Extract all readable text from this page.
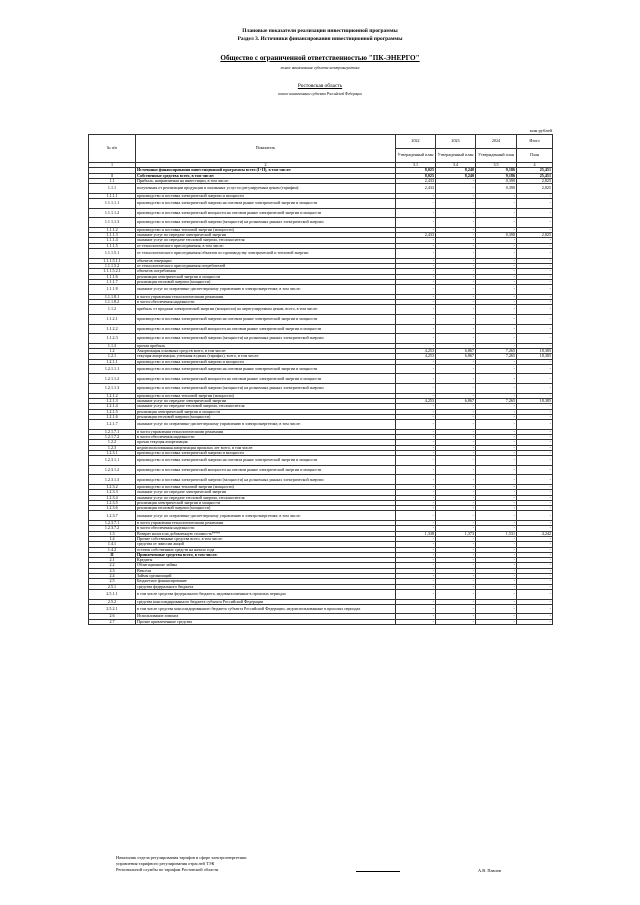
Плановые показатели реализации инвестиционной программы
Раздел 3. Источники финансирования инвестиционной программы
Общество с ограниченной ответственностью "ПК-ЭНЕРГО"
полное наименование субъекта электроэнергетики
Ростовская область
полное наименование субъекта Российской Федерации
млн рублей
№ п/п	Показатель	2022	2023	2024	Итого
		Утвержденный план	Утвержденный план	Утвержденный план	План

1	2	3.1	3.4	3.5	4
	Источники финансирования инвестиционной программы всего (I+II), в том числе:	8,025	8,240	9,186	25,451
I	Собственные средства всего, в том числе:	8,025	8,240	9,186	25,451
1.1	Прибыль, направляемая на инвестиции, в том числе:	2,433	-	0,390	2,825
1.1.1	полученная от реализации продукции и оказанных услуг по регулируемым ценам (тарифам):	2,433	-	0,390	2,825
1.1.1.1	производство и поставка электрической энергии и мощности	-	-	-	-
1.1.1.1.1	производство и поставка электрической энергии на оптовом рынке электрической энергии и мощности	-	-	-	-
1.1.1.1.2	производство и поставка электрической мощности на оптовом рынке электрической энергии и мощности	-	-	-	-
1.1.1.1.3	производство и поставка электрической энергии (мощности) на розничных рынках электрической энергии	-	-	-	-
1.1.1.2	производство и поставка тепловой энергии (мощности)	-	-	-	-
1.1.1.3	оказание услуг по передаче электрической энергии	2,433	-	0,390	2,825
1.1.1.4	оказание услуг по передаче тепловой энергии, теплоносителя	-	-	-	-
1.1.1.5	от технологического присоединения, в том числе:	-	-	-	-
1.1.1.5.1	от технологического присоединения объектов по производству электрической и тепловой энергии	-	-	-	-
1.1.1.5.1.1	объектов генерации	-	-	-	-
1.1.1.5.2	от технологического присоединения потребителей	-	-	-	-
1.1.1.5.2.1	объектов потребления	-	-	-	-
1.1.1.6	реализация электрической энергии и мощности	-	-	-	-
1.1.1.7	реализация тепловой энергии (мощности)	-	-	-	-
1.1.1.8	оказание услуг по оперативно-диспетчерскому управлению в электроэнергетике, в том числе:	-	-	-	-
1.1.1.8.1	в части управления технологическими режимами	-	-	-	-
1.1.1.8.2	в части обеспечения надежности	-	-	-	-
1.1.2	прибыль от продажи электрической энергии (мощности) по нерегулируемым ценам, всего, в том числе:	-	-	-	-
1.1.2.1	производство и поставка электрической энергии на оптовом рынке электрической энергии и мощности	-	-	-	-
1.1.2.2	производство и поставка электрической мощности на оптовом рынке электрической энергии и мощности	-	-	-	-
1.1.2.3	производство и поставка электрической энергии (мощности) на розничных рынках электрической энергии	-	-	-	-
1.1.3	прочая прибыль	-	-	-	-
1.2	Амортизация основных средств всего, в том числе:	4,253	6,867	7,265	18,385
1.2.1	текущая амортизация, учтенная в ценах (тарифах), всего, в том числе:	4,253	6,867	7,265	18,385
1.2.1.1	производство и поставка электрической энергии и мощности	-	-	-	-
1.2.1.1.1	производство и поставка электрической энергии на оптовом рынке электрической энергии и мощности	-	-	-	-
1.2.1.1.2	производство и поставка электрической мощности на оптовом рынке электрической энергии и мощности	-	-	-	-
1.2.1.1.3	производство и поставка электрической энергии (мощности) на розничных рынках электрической энергии	-	-	-	-
1.2.1.2	производство и поставка тепловой энергии (мощности)	-	-	-	-
1.2.1.3	оказание услуг по передаче электрической энергии	4,253	6,867	7,265	18,385
1.2.1.4	оказание услуг по передаче тепловой энергии, теплоносителя	-	-	-	-
1.2.1.5	реализация электрической энергии и мощности	-	-	-	-
1.2.1.6	реализация тепловой энергии (мощности)	-	-	-	-
1.2.1.7	оказание услуг по оперативно-диспетчерскому управлению в электроэнергетике, в том числе:	-	-	-	-
1.2.1.7.1	в части управления технологическими режимами	-	-	-	-
1.2.1.7.2	в части обеспечения надежности	-	-	-	-
1.2.2	прочая текущая амортизация	-	-	-	-
1.2.3	недоиспользованная амортизация прошлых лет всего, в том числе:	-	-	-	-
1.2.3.1	производство и поставка электрической энергии и мощности	-	-	-	-
1.2.3.1.1	производство и поставка электрической энергии на оптовом рынке электрической энергии и мощности	-	-	-	-
1.2.3.1.2	производство и поставка электрической мощности на оптовом рынке электрической энергии и мощности	-	-	-	-
1.2.3.1.3	производство и поставка электрической энергии (мощности) на розничных рынках электрической энергии	-	-	-	-
1.2.3.2	производство и поставка тепловой энергии (мощности)	-	-	-	-
1.2.3.3	оказание услуг по передаче электрической энергии	-	-	-	-
1.2.3.4	оказание услуг по передаче тепловой энергии, теплоносителя	-	-	-	-
1.2.3.5	реализация электрической энергии и мощности	-	-	-	-
1.2.3.6	реализация тепловой энергии (мощности)	-	-	-	-
1.2.3.7	оказание услуг по оперативно-диспетчерскому управлению в электроэнергетике, в том числе:	-	-	-	-
1.2.3.7.1	в части управления технологическими режимами	-	-	-	-
1.2.3.7.2	в части обеспечения надежности	-	-	-	-
1.3	Возврат налога на добавленную стоимость****	1,338	1,373	1,531	4,242
1.4	Прочие собственные средства всего, в том числе:	-	-	-	-
1.4.1	средства от эмиссии акций	-	-	-	-
1.4.2	остаток собственных средств на начало года	-	-	-	-
II	Привлеченные средства всего, в том числе:	-	-	-	-
2.1	Кредиты	-	-	-	-
2.2	Облигационные займы	-	-	-	-
2.3	Векселя	-	-	-	-
2.4	Займы организаций	-	-	-	-
2.5	Бюджетное финансирование	-	-	-	-
2.5.1	средства федерального бюджета	-	-	-	-
2.5.1.1	в том числе средства федерального бюджета, недовыполненные в прошлых периодах	-	-	-	-
2.5.2	средства консолидированного бюджета субъекта Российской Федерации	-	-	-	-
2.5.2.1	в том числе средства консолидированного бюджета субъекта Российской Федерации, недоиспользованные в прошлых периодах	-	-	-	-
2.6	Использование лизинга	-	-	-	-
2.7	Прочие привлеченные средства	-	-	-	-
Начальник отдела регулирования тарифов в сфере электроэнергетики
управления тарифного регулирования отраслей ТЭК
Региональной службы по тарифам Ростовской области	А.В. Павлов
